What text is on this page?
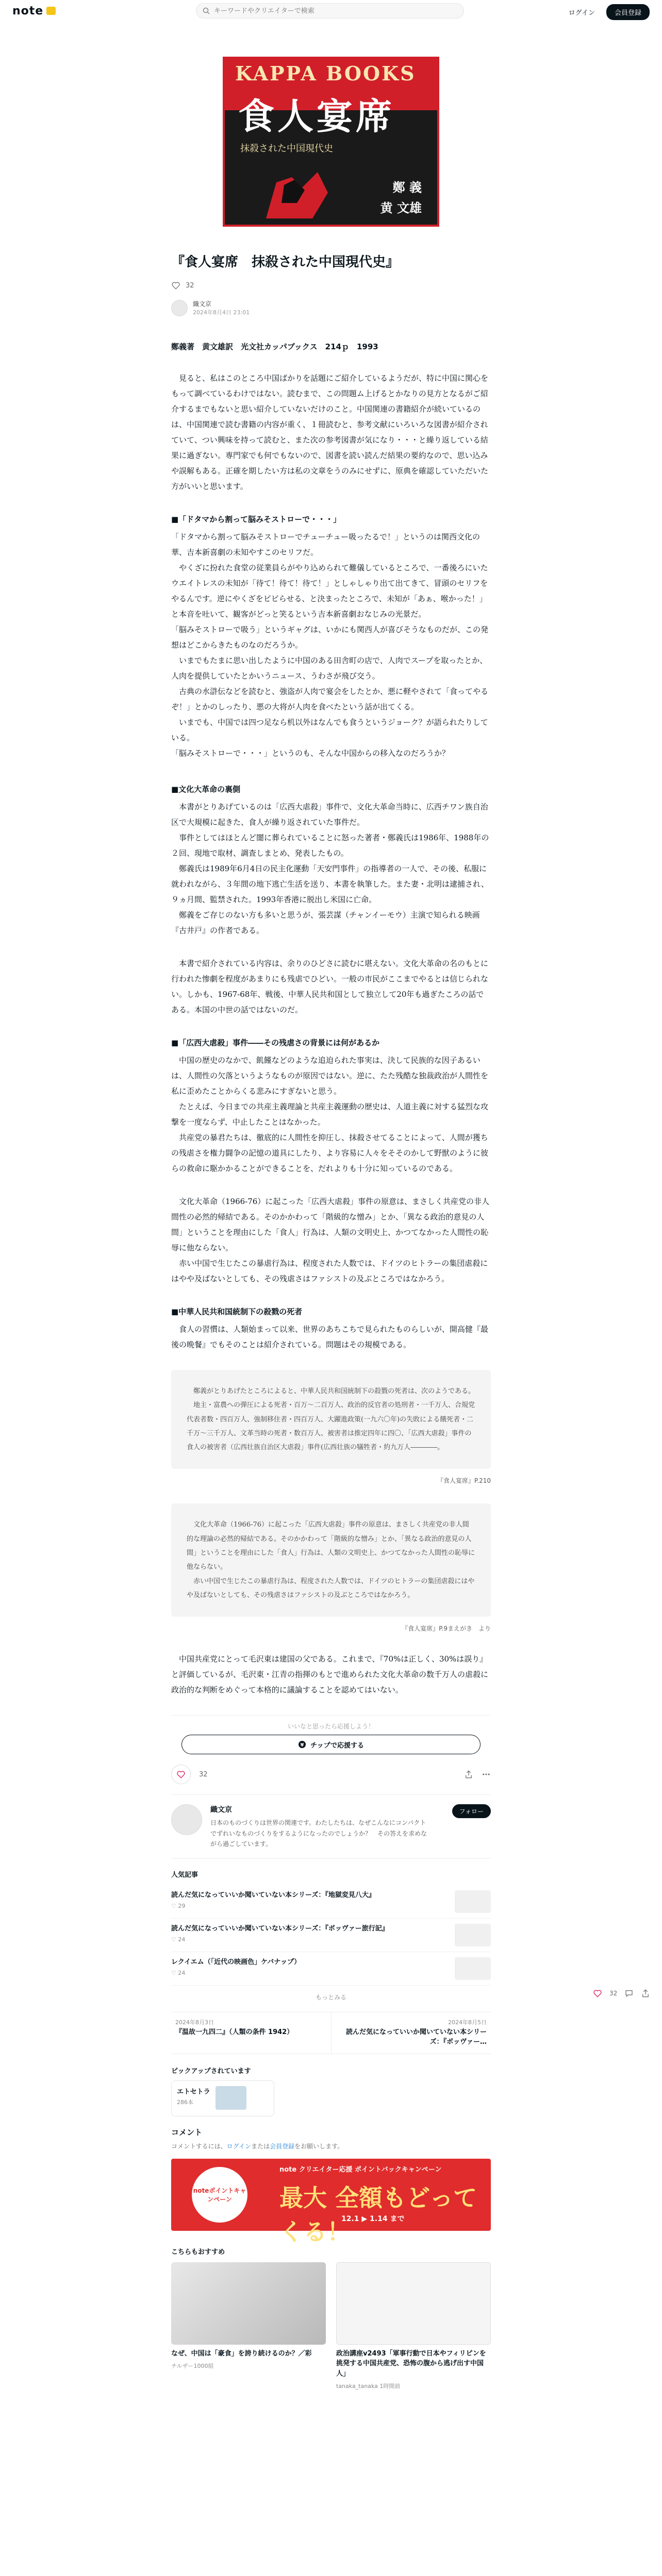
note
キーワードやクリエイターで検索	ログイン	会員登録
KAPPA BOOKS
食人宴席
抹殺された中国現代史
鄭 義
黄 文雄
『食人宴席　抹殺された中国現代史』
32
織文京
2024年8月4日 23:01
鄭義著　黄文雄訳　光文社カッパブックス　214ｐ　1993

　見ると、私はこのところ中国ばかりを話題にご紹介しているようだが、特に中国に関心をもって調べているわけではない。読むまで、この問題ム上げるとかなりの見方となるがご紹介するまでもないと思い紹介していないだけのこと。中国関連の書籍紹介が続いているのは、中国関連で読む書籍の内容が重く、１冊読むと、参考文献にいろいろな図書が紹介されていて、つい興味を持って読むと、また次の参考図書が気になり・・・と繰り返している結果に過ぎない。専門家でも何でもないので、図書を読い読んだ結果の要約なので、思い込みや誤解もある。正確を期したい方は私の文章をうのみにせずに、原典を確認していただいた方がいいと思います。

■「ドタマから割って脳みそストローで・・・」

「ドタマから割って脳みそストローでチューチュー吸ったるで！」というのは関西文化の華、吉本新喜劇の未知やすこのセリフだ。
　やくざに扮れた食堂の従業員らがやり込められて難儀しているところで、一番後ろにいたウエイトレスの未知が「待て！待て！待て！」としゃしゃり出て出てきて、冒頭のセリフをやるんです。逆にやくざをビビらせる、と決まったところで、未知が「あぁ、喉かった！」と本音を吐いて、観客がどっと笑るという吉本新喜劇おなじみの光景だ。
「脳みそストローで吸う」というギャグは、いかにも関西人が喜びそうなものだが、この発想はどこからきたものなのだろうか。
　いまでもたまに思い出したように中国のある田舎町の店で、人肉でスープを取ったとか、人肉を提供していたとかいうニュース、うわさが飛び交う。
　古典の水滸伝などを読むと、強盗が人肉で宴会をしたとか、悪に軽やされて「食ってやるぞ！」とかのしったり、悪の大将が人肉を食べたという話が出てくる。
　いまでも、中国では四つ足なら机以外はなんでも食うというジョーク？が語られたりしている。
「脳みそストローで・・・」というのも、そんな中国からの移入なのだろうか？

■文化大革命の裏側

　本書がとりあげているのは「広西大虐殺」事件で、文化大革命当時に、広西チワン族自治区で大規模に起きた、食人が繰り返されていた事件だ。
　事件としてはほとんど闇に葬られていることに怒った著者・鄭義氏は1986年、1988年の２回、現地で取材、調査しまとめ、発表したもの。
　鄭義氏は1989年6月4日の民主化運動「天安門事件」の指導者の一人で、その後、私服に就われながら、３年間の地下逃亡生活を送り、本書を執筆した。また妻・北明は逮捕され、９ヵ月間、監禁された。1993年香港に脱出し米国に亡命。
　鄭義をご存じのない方も多いと思うが、張芸謀（チャンイーモウ）主演で知られる映画『古井戸』の作者である。

　本書で紹介されている内容は、余りのひどさに読むに堪えない。文化大革命の名のもとに行われた惨劇を程度があまりにも残虐でひどい。一般の市民がここまでやるとは信じられない。しかも、1967-68年、戦後、中華人民共和国として独立して20年も過ぎたころの話である。本国の中世の話ではないのだ。

■「広西大虐殺」事件――その残虐さの背景には何があるか

　中国の歴史のなかで、飢饉などのような追迫られた事実は、決して民族的な因子あるいは、人間性の欠落というようなものが原因ではない。逆に、たた残酷な独裁政治が人間性を私に歪めたことからくる悲みにすぎないと思う。
　たとえば、今日までの共産主義理論と共産主義運動の歴史は、人道主義に対する猛烈な攻撃を一度ならず、中止したことはなかった。
　共産党の暴君たちは、徹底的に人間性を抑圧し、抹殺させてることによって、人間が獲ちの残虐さを権力闘争の記憶の道具にしたり、より容易に人々をそそのかして野獣のように彼らの救命に駆かかることができることを、だれよりも十分に知っているのである。

　文化大革命（1966-76）に起こった「広西大虐殺」事件の原意は、まさしく共産党の非人間性の必然的帰結である。そのかかわって「階級的な憎み」とか、「異なる政治的意見の人間」ということを理由にした「食人」行為は、人類の文明史上、かつてなかった人間性の恥辱に他ならない。
　赤い中国で生じたこの暴虐行為は、程度された人数では、ドイツのヒトラーの集団虐殺にはやや及ばないとしても、その残虐さはファシストの及ぶところではなかろう。

■中華人民共和国統制下の殺戮の死者

　食人の習慣は、人類始まって以来、世界のあちこちで見られたものらしいが、開高健『最後の晩餐』でもそのことは紹介されている。問題はその規模である。

　鄭義がとりあげたところによると、中華人民共和国統制下の殺戮の死者は、次のようである。
　地主・富農への弾圧による死者・百万〜二百万人、政治的反官者の処刑者・一千万人、合規党代表者数・四百万人、強制移住者・四百万人、大躍進政策(一九六〇年)の失敗による餓死者・二千万〜三千万人、文革当時の死者・数百万人、被害者は推定四年に四〇、「広西大虐殺」事件の食人の被害者（広西壮族自治区大虐殺」事件(広西壮族の犠牲者・約九万人――――。
『食人宴席』P.210
　文化大革命（1966-76）に起こった「広西大虐殺」事件の原意は、まさしく共産党の非人間的な理論の必然的帰結である。そのかかわって「階級的な憎み」とか、「異なる政治的意見の人間」ということを理由にした「食人」行為は、人類の文明史上、かつてなかった人間性の恥辱に他ならない。
　赤い中国で生じたこの暴虐行為は、程度された人数では、ドイツのヒトラーの集団虐殺にはやや及ばないとしても、その残虐さはファシストの及ぶところではなかろう。
『食人宴席』P.9まえがき　より

　中国共産党にとって毛沢東は建国の父である。これまで、『70%は正しく、30%は誤り』と評価しているが、毛沢東・江青の指揮のもとで進められた文化大革命の数千万人の虐殺に政治的な判断をめぐって本格的に議論することを認めてはいない。

いいなと思ったら応援しよう！
¥ チップで応援する
32
織文京
日本のものづくりは世界の関連です。わたしたちは、なぜこんなにコンパクトでずれいなものづくりをするようになったのでしょうか？　その答えを求めながら過ごしています。
フォロー
人気記事
読んだ気になっていいか聞いていない本シリーズ：『地獄変見八大』
♡ 29
読んだ気になっていいか聞いていない本シリーズ：『ボッヴァー旅行記』
♡ 24
レクイエム（「近代の映画色」ケバナップ）
♡ 24
もっとみる
2024年8月3日
『温故一九四二』（人類の条件 1942）
2024年8月5日
読んだ気になっていいか聞いていない本シリーズ：『ボッヴァー…
ピックアップされています
エトセトラ
286本
コメント
コメントするには、ログインまたは会員登録をお願いします。
noteポイントキャンペーン
note クリエイター応援 ポイントバックキャンペーン
最大 全額もどってくる！
12.1 ▶ 1.14 まで
こちらもおすすめ
なぜ、中国は「豪食」を誇り続けるのか？／彩
チルザー1000組
政治講座v2493「軍事行動で日本やフィリピンを挑発する中国共産党、恐怖の腹から逃げ出す中国人」
tanaka_tanaka 1時間前
32
